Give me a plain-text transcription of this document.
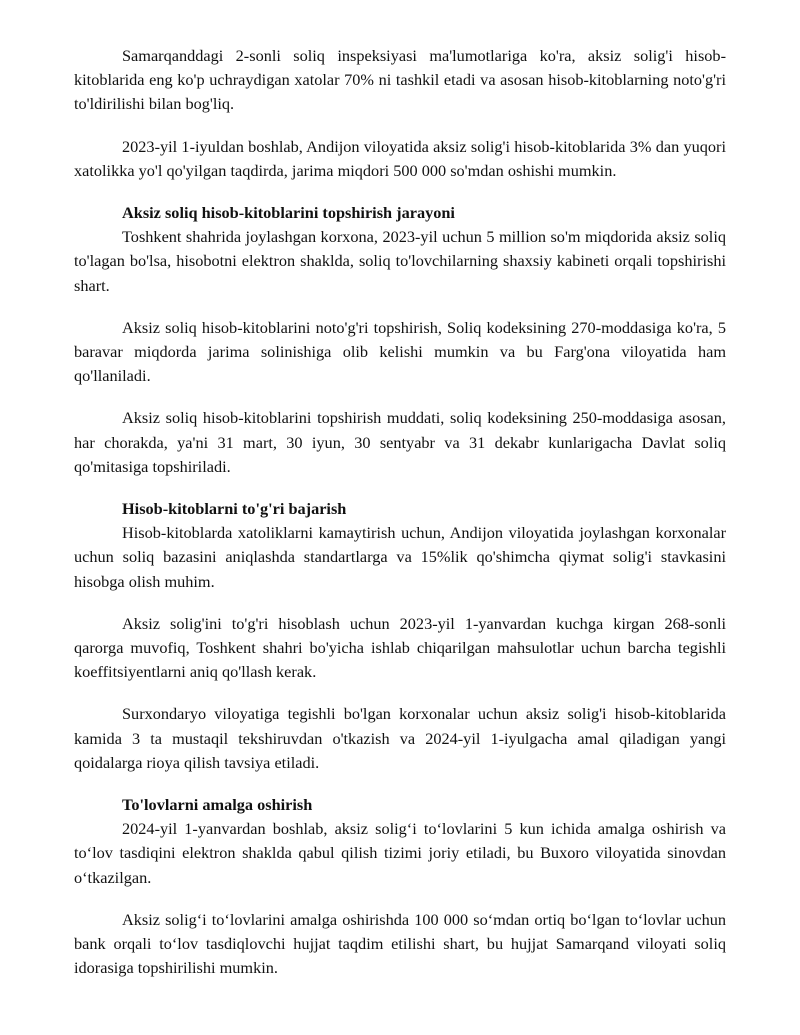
Samarqanddagi 2-sonli soliq inspeksiyasi ma'lumotlariga ko'ra, aksiz solig'i hisob-kitoblarida eng ko'p uchraydigan xatolar 70% ni tashkil etadi va asosan hisob-kitoblarning noto'g'ri to'ldirilishi bilan bog'liq.

2023-yil 1-iyuldan boshlab, Andijon viloyatida aksiz solig'i hisob-kitoblarida 3% dan yuqori xatolikka yo'l qo'yilgan taqdirda, jarima miqdori 500 000 so'mdan oshishi mumkin.

Aksiz soliq hisob-kitoblarini topshirish jarayoni

Toshkent shahrida joylashgan korxona, 2023-yil uchun 5 million so'm miqdorida aksiz soliq to'lagan bo'lsa, hisobotni elektron shaklda, soliq to'lovchilarning shaxsiy kabineti orqali topshirishi shart.

Aksiz soliq hisob-kitoblarini noto'g'ri topshirish, Soliq kodeksining 270-moddasiga ko'ra, 5 baravar miqdorda jarima solinishiga olib kelishi mumkin va bu Farg'ona viloyatida ham qo'llaniladi.

Aksiz soliq hisob-kitoblarini topshirish muddati, soliq kodeksining 250-moddasiga asosan, har chorakda, ya'ni 31 mart, 30 iyun, 30 sentyabr va 31 dekabr kunlarigacha Davlat soliq qo'mitasiga topshiriladi.

Hisob-kitoblarni to'g'ri bajarish

Hisob-kitoblarda xatoliklarni kamaytirish uchun, Andijon viloyatida joylashgan korxonalar uchun soliq bazasini aniqlashda standartlarga va 15%lik qo'shimcha qiymat solig'i stavkasini hisobga olish muhim.

Aksiz solig'ini to'g'ri hisoblash uchun 2023-yil 1-yanvardan kuchga kirgan 268-sonli qarorga muvofiq, Toshkent shahri bo'yicha ishlab chiqarilgan mahsulotlar uchun barcha tegishli koeffitsiyentlarni aniq qo'llash kerak.

Surxondaryo viloyatiga tegishli bo'lgan korxonalar uchun aksiz solig'i hisob-kitoblarida kamida 3 ta mustaqil tekshiruvdan o'tkazish va 2024-yil 1-iyulgacha amal qiladigan yangi qoidalarga rioya qilish tavsiya etiladi.

To'lovlarni amalga oshirish

2024-yil 1-yanvardan boshlab, aksiz solig‘i to‘lovlarini 5 kun ichida amalga oshirish va to‘lov tasdiqini elektron shaklda qabul qilish tizimi joriy etiladi, bu Buxoro viloyatida sinovdan o‘tkazilgan.

Aksiz solig‘i to‘lovlarini amalga oshirishda 100 000 so‘mdan ortiq bo‘lgan to‘lovlar uchun bank orqali to‘lov tasdiqlovchi hujjat taqdim etilishi shart, bu hujjat Samarqand viloyati soliq idorasiga topshirilishi mumkin.
